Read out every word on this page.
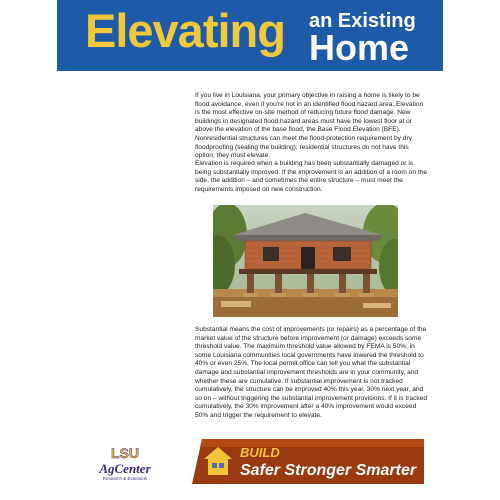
Elevating an Existing
Home

If you live in Louisiana, your primary objective in raising a home is likely to be flood avoidance, even if you're not in an identified flood hazard area. Elevation is the most effective on-site method of reducing future flood damage. New buildings in designated flood hazard areas must have the lowest floor at or above the elevation of the base flood, the Base Flood Elevation (BFE). Nonresidential structures can meet the flood-protection requirement by dry floodproofing (sealing the building); residential structures do not have this option; they must elevate.

Elevation is required when a building has been substantially damaged or is being substantially improved. If the improvement is an addition of a room on the side, the addition – and sometimes the entire structure – must meet the requirements imposed on new construction.

Substantial means the cost of improvements (or repairs) as a percentage of the market value of the structure before improvement (or damage) exceeds some threshold value. The maximum threshold value allowed by FEMA is 50%; in some Louisiana communities local governments have lowered the threshold to 40% or even 25%. The local permit office can tell you what the substantial damage and substantial improvement thresholds are in your community, and whether these are cumulative. If substantial improvement is not tracked cumulatively, the structure can be improved 40% this year, 30% next year, and so on – without triggering the substantial improvement provisions. If it is tracked cumulatively, the 30% improvement after a 40% improvement would exceed 50% and trigger the requirement to elevate.

LSU
AgCenter
Research & Extension
BUILD
Safer Stronger Smarter
